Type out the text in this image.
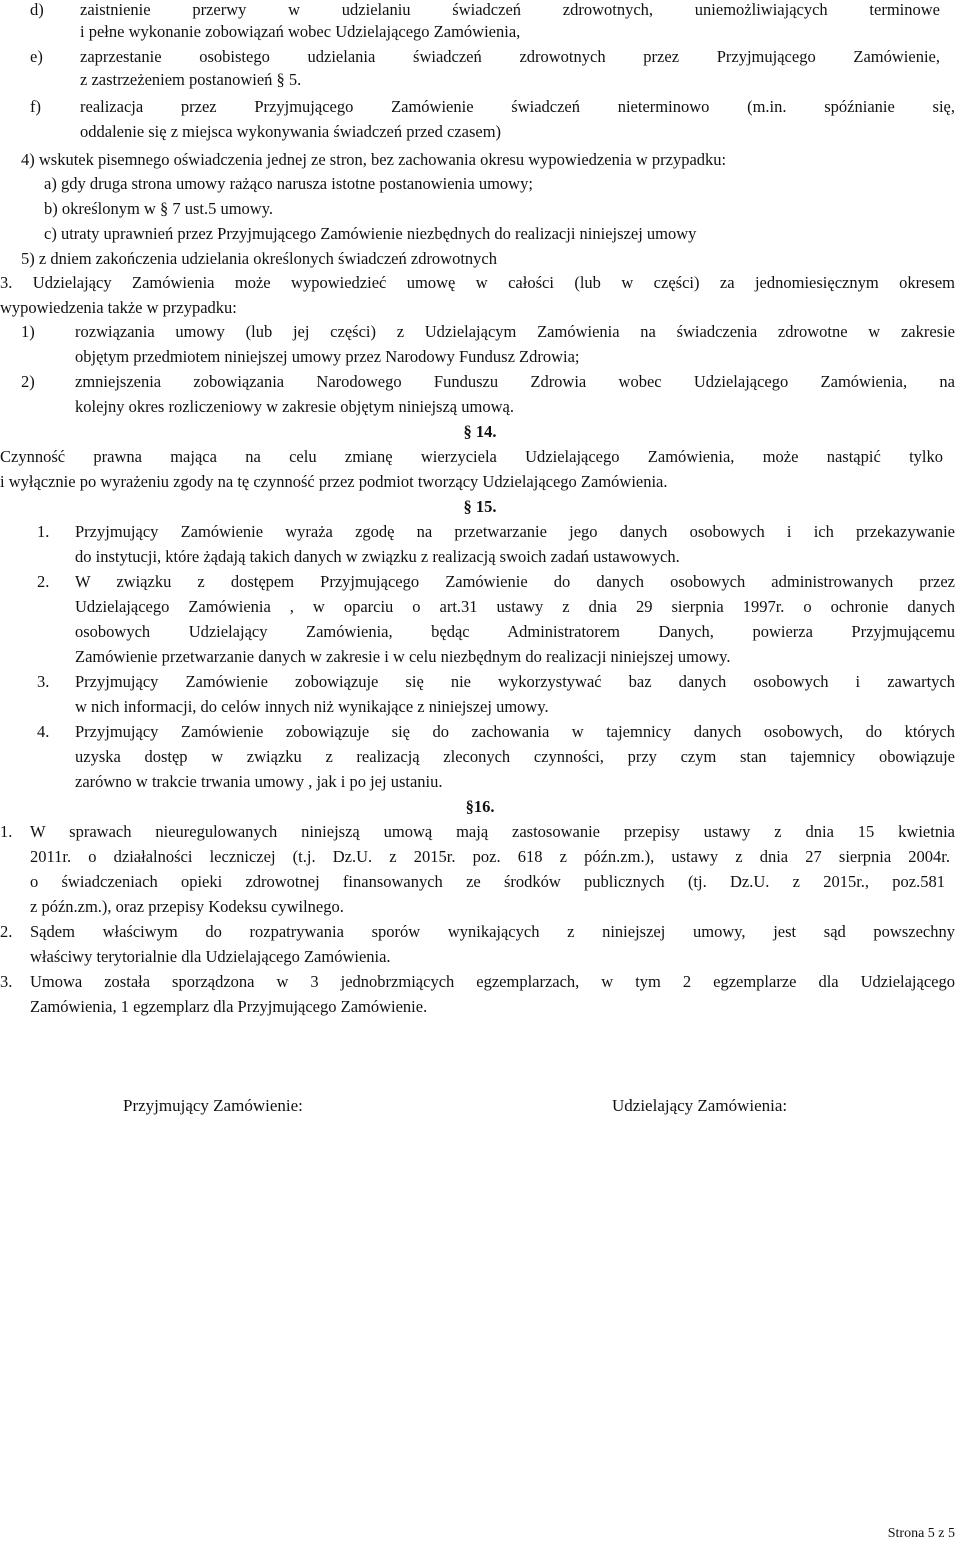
d) zaistnienie przerwy w udzielaniu świadczeń zdrowotnych, uniemożliwiających terminowe
i pełne wykonanie zobowiązań wobec Udzielającego Zamówienia,
e) zaprzestanie osobistego udzielania świadczeń zdrowotnych przez Przyjmującego Zamówienie,
z zastrzeżeniem postanowień § 5.
f) realizacja przez Przyjmującego Zamówienie świadczeń nieterminowo (m.in. spóźnianie się,
oddalenie się z miejsca wykonywania świadczeń przed czasem)
4) wskutek pisemnego oświadczenia jednej ze stron, bez zachowania okresu wypowiedzenia w przypadku:
a) gdy druga strona umowy rażąco narusza istotne postanowienia umowy;
b) określonym w § 7 ust.5 umowy.
c) utraty uprawnień przez Przyjmującego Zamówienie niezbędnych do realizacji niniejszej umowy
5) z dniem zakończenia udzielania określonych świadczeń zdrowotnych
3. Udzielający Zamówienia może wypowiedzieć umowę w całości (lub w części) za jednomiesięcznym okresem
wypowiedzenia także w przypadku:
1) rozwiązania umowy (lub jej części) z Udzielającym Zamówienia na świadczenia zdrowotne w zakresie
objętym przedmiotem niniejszej umowy przez Narodowy Fundusz Zdrowia;
2) zmniejszenia zobowiązania Narodowego Funduszu Zdrowia wobec Udzielającego Zamówienia, na
kolejny okres rozliczeniowy w zakresie objętym niniejszą umową.
§ 14.
Czynność prawna mająca na celu zmianę wierzyciela Udzielającego Zamówienia, może nastąpić tylko
i wyłącznie po wyrażeniu zgody na tę czynność przez podmiot tworzący Udzielającego Zamówienia.
§ 15.
1. Przyjmujący Zamówienie wyraża zgodę na przetwarzanie jego danych osobowych i ich przekazywanie
do instytucji, które żądają takich danych w związku z realizacją swoich zadań ustawowych.
2. W związku z dostępem Przyjmującego Zamówienie do danych osobowych administrowanych przez
Udzielającego Zamówienia , w oparciu o art.31 ustawy z dnia 29 sierpnia 1997r. o ochronie danych
osobowych Udzielający Zamówienia, będąc Administratorem Danych, powierza Przyjmującemu
Zamówienie przetwarzanie danych w zakresie i w celu niezbędnym do realizacji niniejszej umowy.
3. Przyjmujący Zamówienie zobowiązuje się nie wykorzystywać baz danych osobowych i zawartych
w nich informacji, do celów innych niż wynikające z niniejszej umowy.
4. Przyjmujący Zamówienie zobowiązuje się do zachowania w tajemnicy danych osobowych, do których
uzyska dostęp w związku z realizacją zleconych czynności, przy czym stan tajemnicy obowiązuje
zarówno w trakcie trwania umowy , jak i po jej ustaniu.
§16.
1. W sprawach nieuregulowanych niniejszą umową mają zastosowanie przepisy ustawy z dnia 15 kwietnia
2011r. o działalności leczniczej (t.j. Dz.U. z 2015r. poz. 618 z późn.zm.), ustawy z dnia 27 sierpnia 2004r.
o świadczeniach opieki zdrowotnej finansowanych ze środków publicznych (tj. Dz.U. z 2015r., poz.581
z późn.zm.), oraz przepisy Kodeksu cywilnego.
2. Sądem właściwym do rozpatrywania sporów wynikających z niniejszej umowy, jest sąd powszechny
właściwy terytorialnie dla Udzielającego Zamówienia.
3. Umowa została sporządzona w 3 jednobrzmiących egzemplarzach, w tym 2 egzemplarze dla Udzielającego
Zamówienia, 1 egzemplarz dla Przyjmującego Zamówienie.
Przyjmujący Zamówienie:	Udzielający Zamówienia:
Strona 5 z 5
